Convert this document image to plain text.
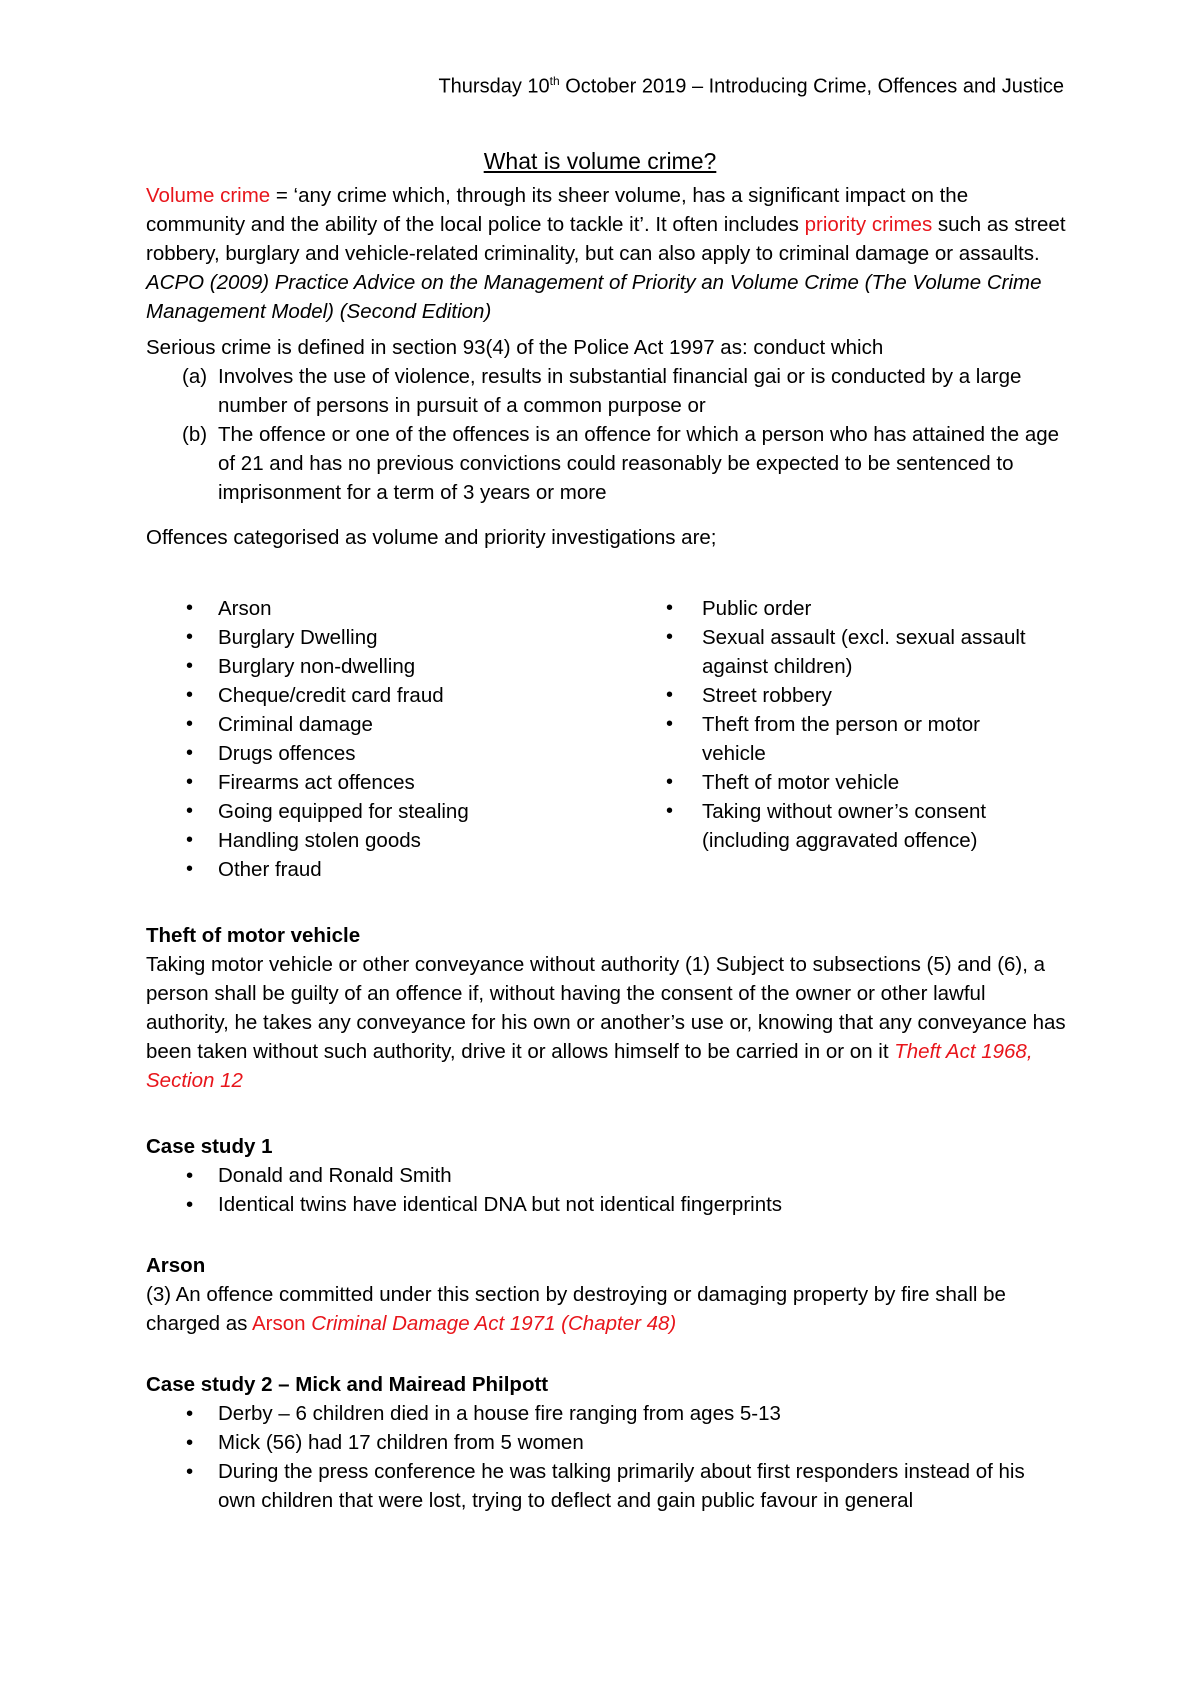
Thursday 10th October 2019 – Introducing Crime, Offences and Justice
What is volume crime?
Volume crime = ‘any crime which, through its sheer volume, has a significant impact on the community and the ability of the local police to tackle it’. It often includes priority crimes such as street robbery, burglary and vehicle-related criminality, but can also apply to criminal damage or assaults. ACPO (2009) Practice Advice on the Management of Priority an Volume Crime (The Volume Crime Management Model) (Second Edition)
Serious crime is defined in section 93(4) of the Police Act 1997 as: conduct which
(a) Involves the use of violence, results in substantial financial gai or is conducted by a large number of persons in pursuit of a common purpose or
(b) The offence or one of the offences is an offence for which a person who has attained the age of 21 and has no previous convictions could reasonably be expected to be sentenced to imprisonment for a term of 3 years or more
Offences categorised as volume and priority investigations are;
• Arson
• Burglary Dwelling
• Burglary non-dwelling
• Cheque/credit card fraud
• Criminal damage
• Drugs offences
• Firearms act offences
• Going equipped for stealing
• Handling stolen goods
• Other fraud
• Public order
• Sexual assault (excl. sexual assault against children)
• Street robbery
• Theft from the person or motor vehicle
• Theft of motor vehicle
• Taking without owner’s consent (including aggravated offence)
Theft of motor vehicle
Taking motor vehicle or other conveyance without authority (1) Subject to subsections (5) and (6), a person shall be guilty of an offence if, without having the consent of the owner or other lawful authority, he takes any conveyance for his own or another’s use or, knowing that any conveyance has been taken without such authority, drive it or allows himself to be carried in or on it Theft Act 1968, Section 12
Case study 1
• Donald and Ronald Smith
• Identical twins have identical DNA but not identical fingerprints
Arson
(3) An offence committed under this section by destroying or damaging property by fire shall be charged as Arson Criminal Damage Act 1971 (Chapter 48)
Case study 2 – Mick and Mairead Philpott
• Derby – 6 children died in a house fire ranging from ages 5-13
• Mick (56) had 17 children from 5 women
• During the press conference he was talking primarily about first responders instead of his own children that were lost, trying to deflect and gain public favour in general
